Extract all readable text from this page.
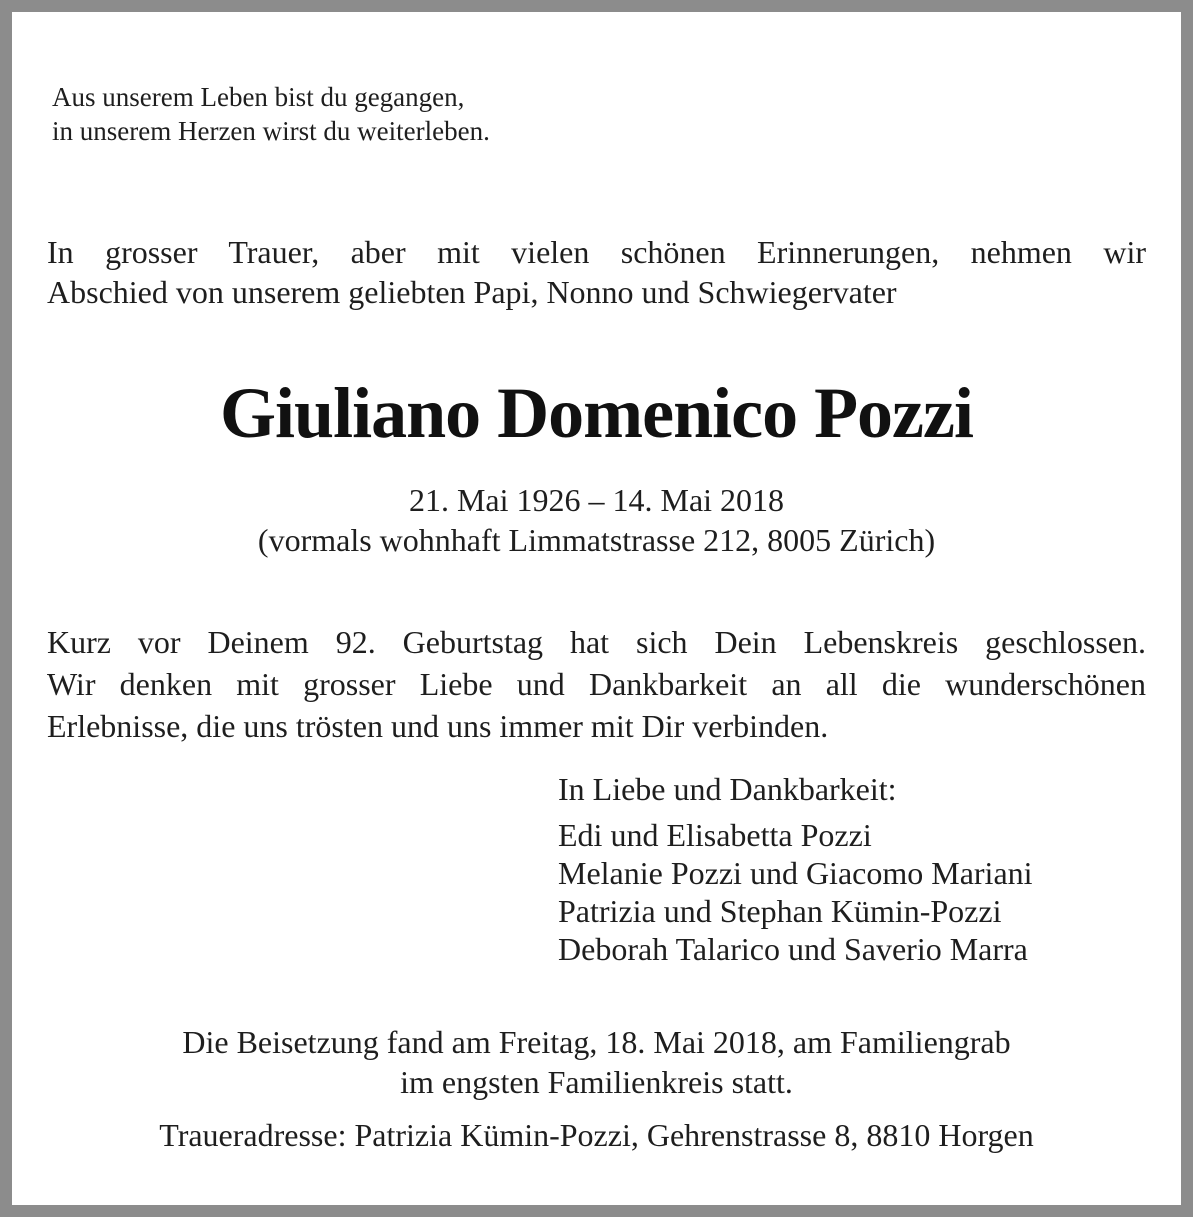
Aus unserem Leben bist du gegangen,
in unserem Herzen wirst du weiterleben.
In grosser Trauer, aber mit vielen schönen Erinnerungen, nehmen wir
Abschied von unserem geliebten Papi, Nonno und Schwiegervater
Giuliano Domenico Pozzi
21. Mai 1926 – 14. Mai 2018
(vormals wohnhaft Limmatstrasse 212, 8005 Zürich)
Kurz vor Deinem 92. Geburtstag hat sich Dein Lebenskreis geschlossen.
Wir denken mit grosser Liebe und Dankbarkeit an all die wunderschönen
Erlebnisse, die uns trösten und uns immer mit Dir verbinden.
In Liebe und Dankbarkeit:
Edi und Elisabetta Pozzi
Melanie Pozzi und Giacomo Mariani
Patrizia und Stephan Kümin-Pozzi
Deborah Talarico und Saverio Marra
Die Beisetzung fand am Freitag, 18. Mai 2018, am Familiengrab
im engsten Familienkreis statt.
Traueradresse: Patrizia Kümin-Pozzi, Gehrenstrasse 8, 8810 Horgen
